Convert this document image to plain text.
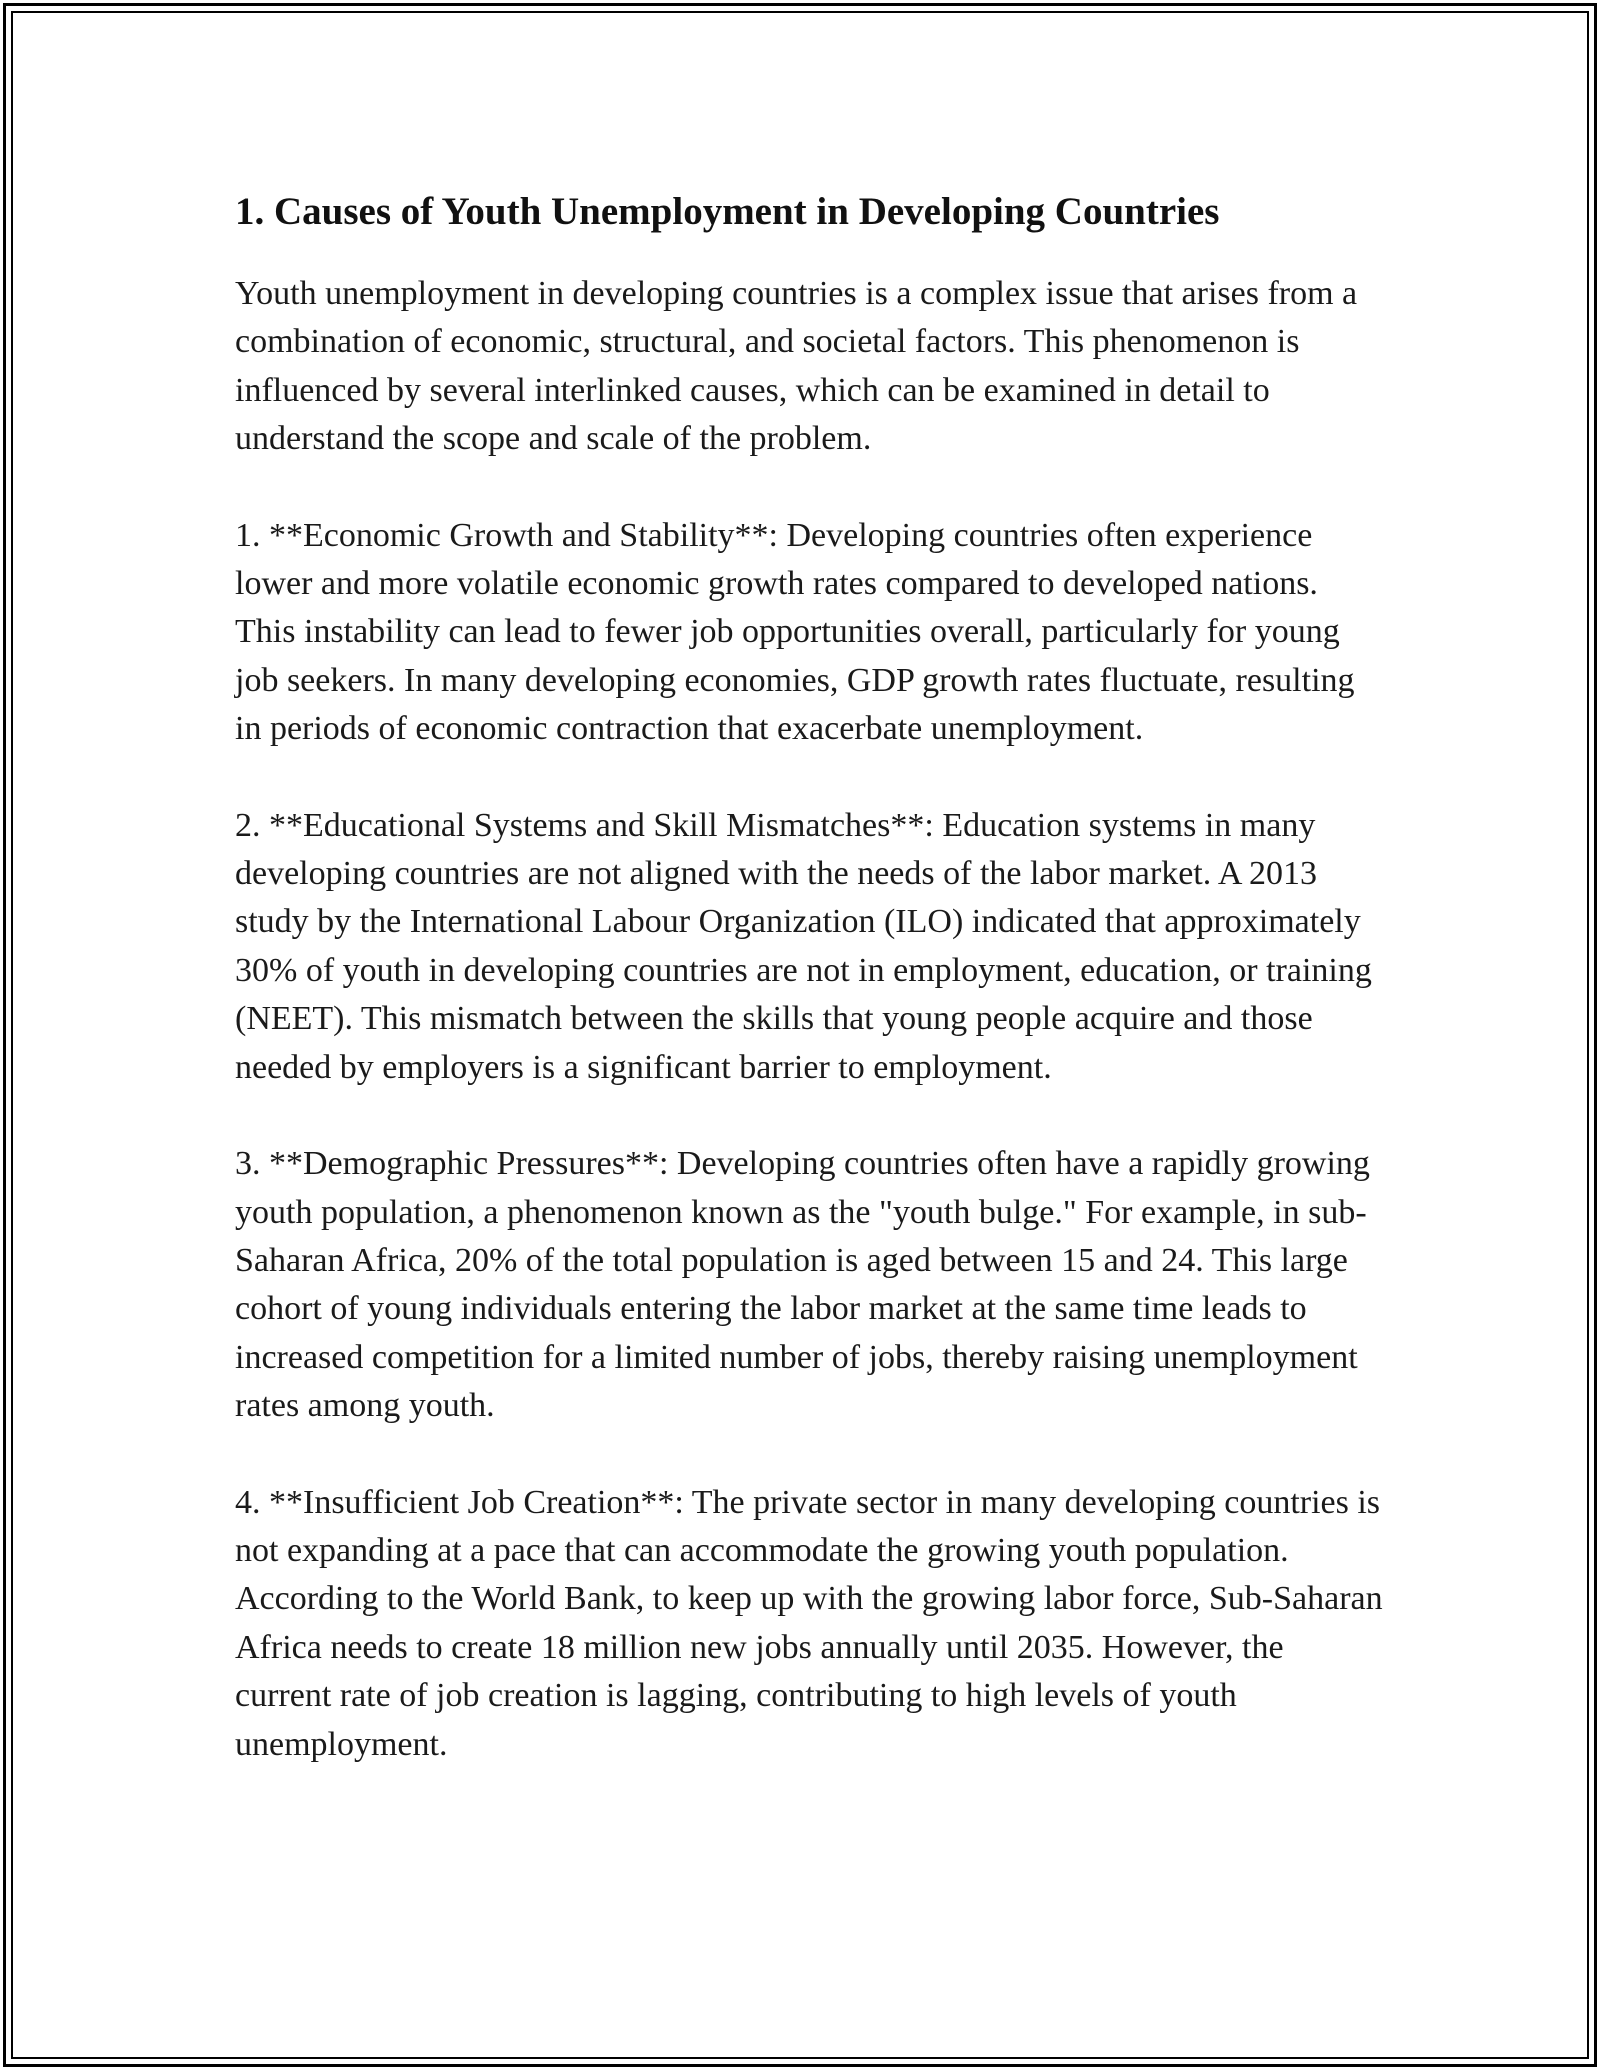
1. Causes of Youth Unemployment in Developing Countries

Youth unemployment in developing countries is a complex issue that arises from a combination of economic, structural, and societal factors. This phenomenon is influenced by several interlinked causes, which can be examined in detail to understand the scope and scale of the problem.

1. **Economic Growth and Stability**: Developing countries often experience lower and more volatile economic growth rates compared to developed nations. This instability can lead to fewer job opportunities overall, particularly for young job seekers. In many developing economies, GDP growth rates fluctuate, resulting in periods of economic contraction that exacerbate unemployment.

2. **Educational Systems and Skill Mismatches**: Education systems in many developing countries are not aligned with the needs of the labor market. A 2013 study by the International Labour Organization (ILO) indicated that approximately 30% of youth in developing countries are not in employment, education, or training (NEET). This mismatch between the skills that young people acquire and those needed by employers is a significant barrier to employment.

3. **Demographic Pressures**: Developing countries often have a rapidly growing youth population, a phenomenon known as the "youth bulge." For example, in sub-Saharan Africa, 20% of the total population is aged between 15 and 24. This large cohort of young individuals entering the labor market at the same time leads to increased competition for a limited number of jobs, thereby raising unemployment rates among youth.

4. **Insufficient Job Creation**: The private sector in many developing countries is not expanding at a pace that can accommodate the growing youth population. According to the World Bank, to keep up with the growing labor force, Sub-Saharan Africa needs to create 18 million new jobs annually until 2035. However, the current rate of job creation is lagging, contributing to high levels of youth unemployment.
